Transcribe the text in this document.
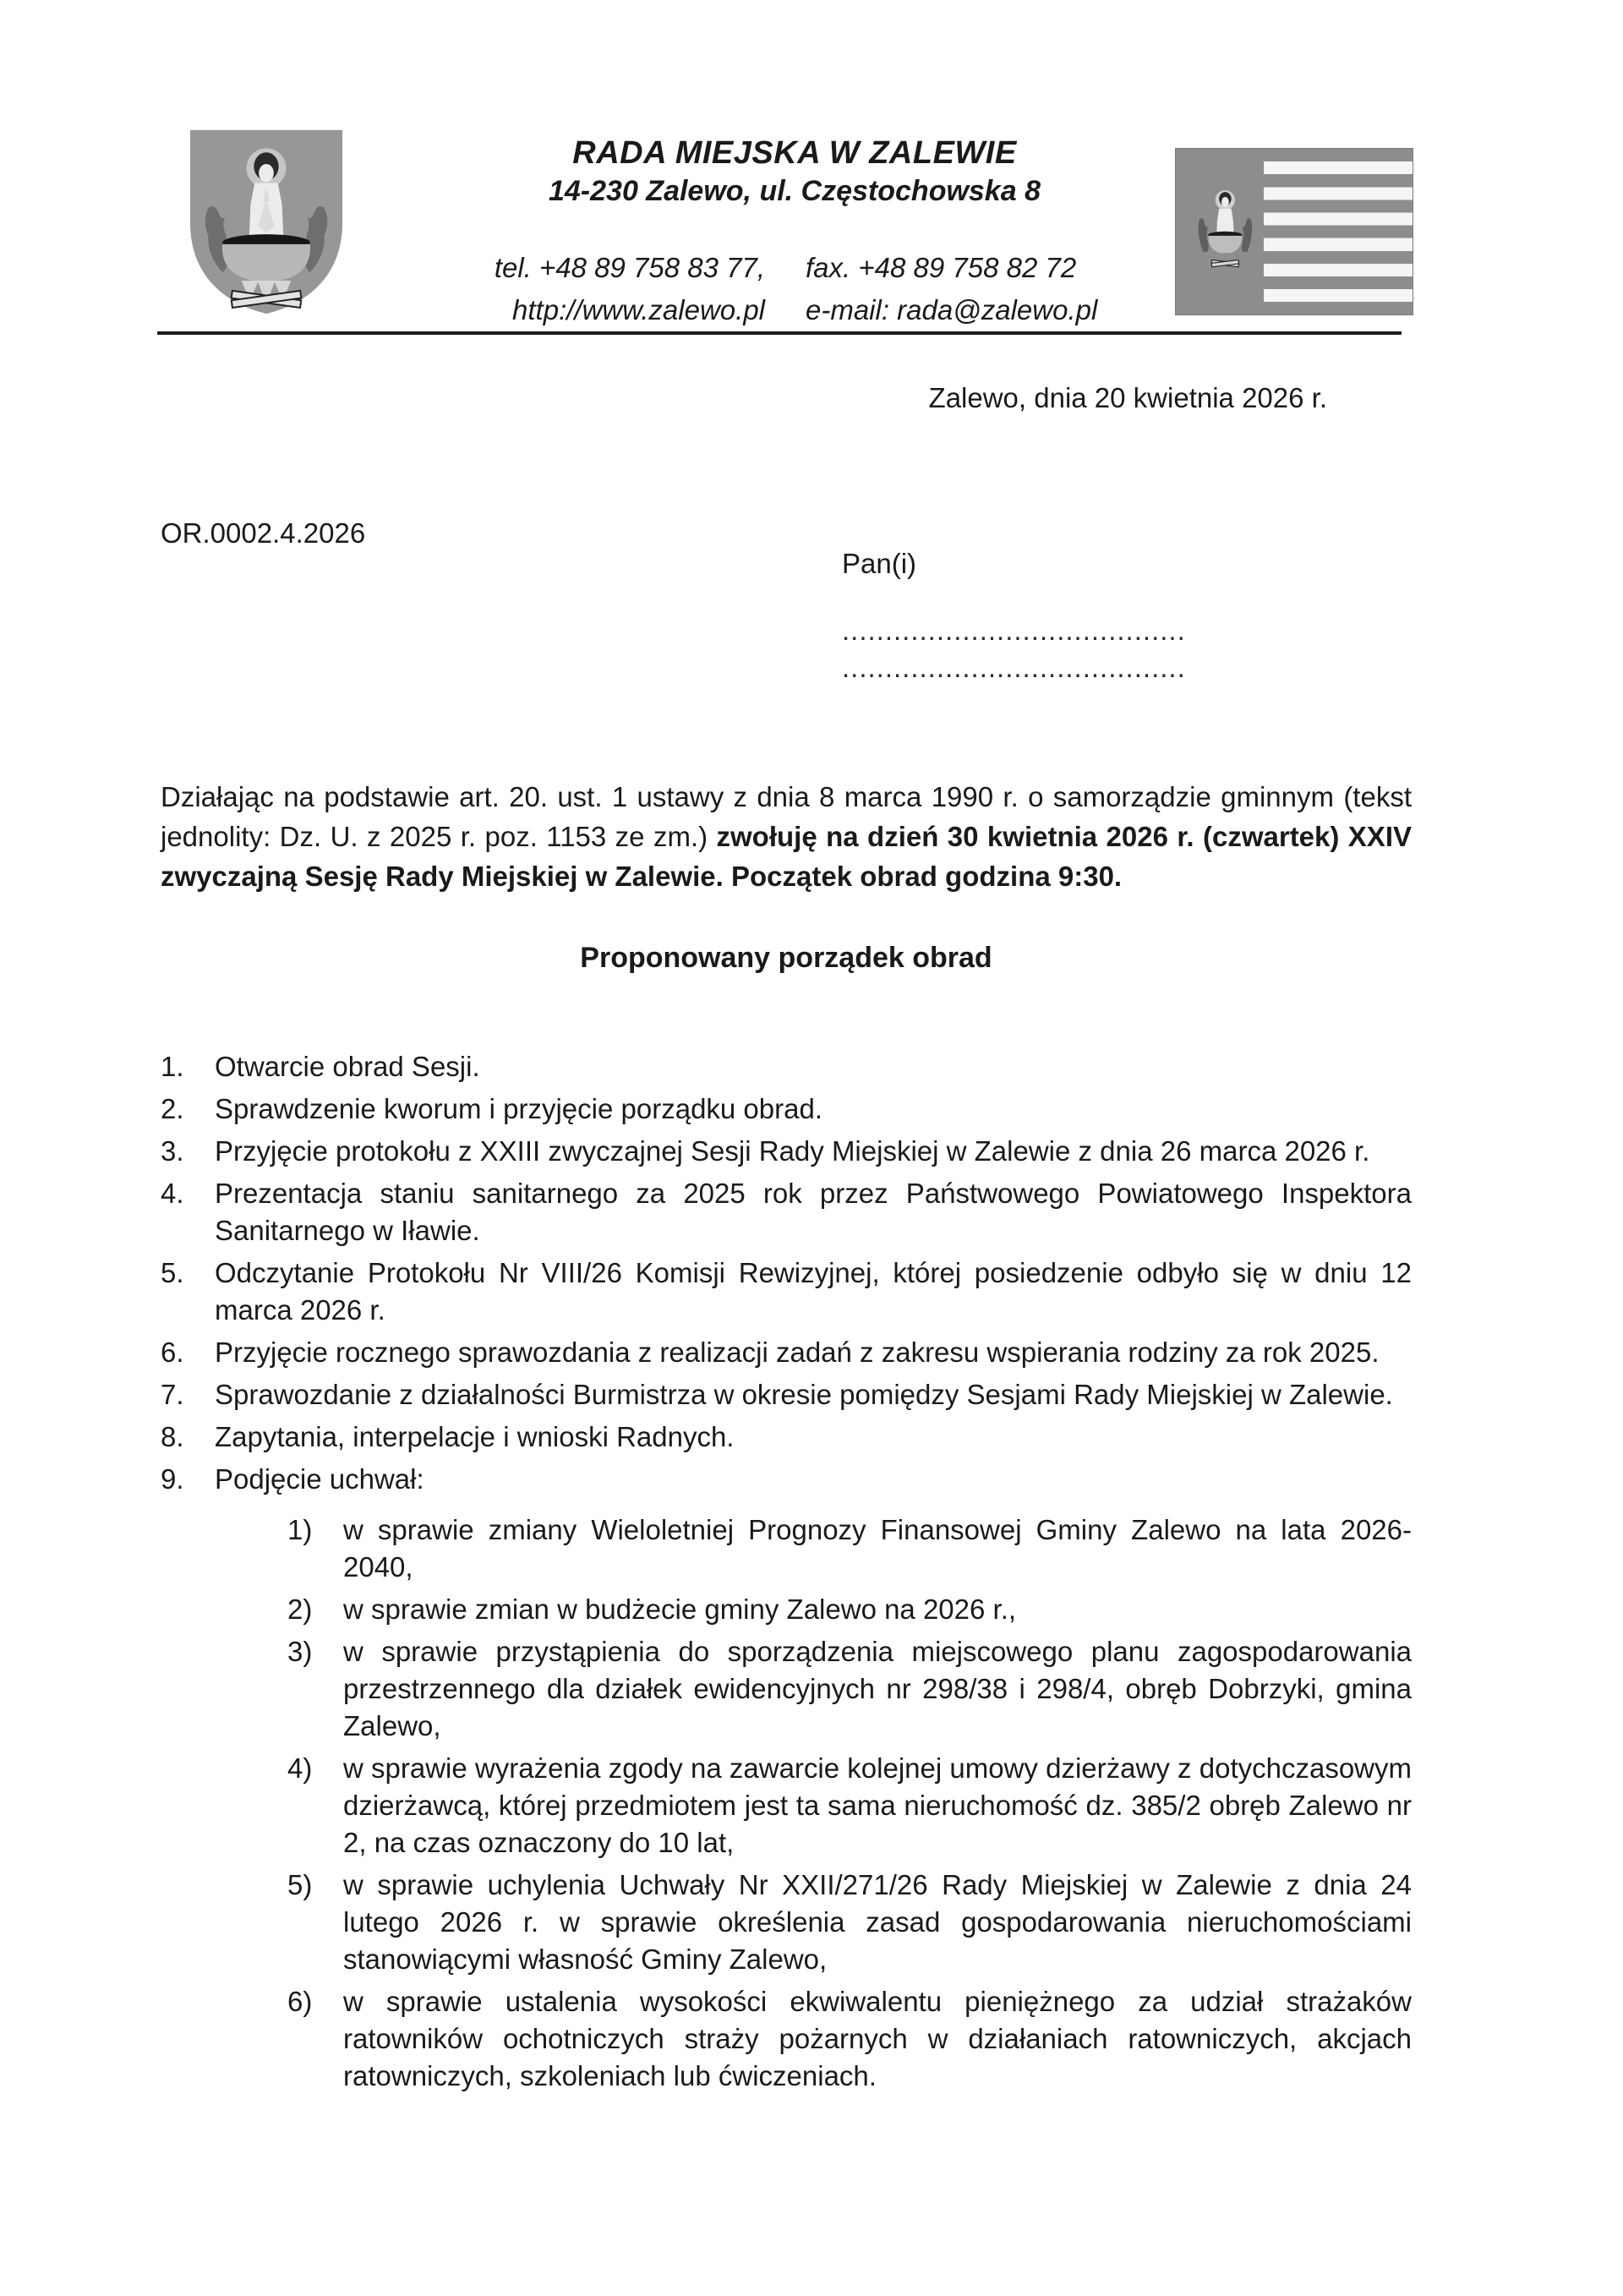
RADA MIEJSKA W ZALEWIE
14-230 Zalewo, ul. Częstochowska 8
tel. +48 89 758 83 77, fax. +48 89 758 82 72
http://www.zalewo.pl e-mail: rada@zalewo.pl
Zalewo, dnia 20 kwietnia 2026 r.
OR.0002.4.2026
Pan(i)
........................................
........................................

Działając na podstawie art. 20. ust. 1 ustawy z dnia 8 marca 1990 r. o samorządzie gminnym (tekst jednolity: Dz. U. z 2025 r. poz. 1153 ze zm.) zwołuję na dzień 30 kwietnia 2026 r. (czwartek) XXIV zwyczajną Sesję Rady Miejskiej w Zalewie. Początek obrad godzina 9:30.

Proponowany porządek obrad
1.	Otwarcie obrad Sesji.
2.	Sprawdzenie kworum i przyjęcie porządku obrad.
3.	Przyjęcie protokołu z XXIII zwyczajnej Sesji Rady Miejskiej w Zalewie z dnia 26 marca 2026 r.
4.	Prezentacja staniu sanitarnego za 2025 rok przez Państwowego Powiatowego Inspektora Sanitarnego w Iławie.
5.	Odczytanie Protokołu Nr VIII/26 Komisji Rewizyjnej, której posiedzenie odbyło się w dniu 12 marca 2026 r.
6.	Przyjęcie rocznego sprawozdania z realizacji zadań z zakresu wspierania rodziny za rok 2025.
7.	Sprawozdanie z działalności Burmistrza w okresie pomiędzy Sesjami Rady Miejskiej w Zalewie.
8.	Zapytania, interpelacje i wnioski Radnych.
9.	Podjęcie uchwał:
1)	w sprawie zmiany Wieloletniej Prognozy Finansowej Gminy Zalewo na lata 2026-2040,
2)	w sprawie zmian w budżecie gminy Zalewo na 2026 r.,
3)	w sprawie przystąpienia do sporządzenia miejscowego planu zagospodarowania przestrzennego dla działek ewidencyjnych nr 298/38 i 298/4, obręb Dobrzyki, gmina Zalewo,
4)	w sprawie wyrażenia zgody na zawarcie kolejnej umowy dzierżawy z dotychczasowym dzierżawcą, której przedmiotem jest ta sama nieruchomość dz. 385/2 obręb Zalewo nr 2, na czas oznaczony do 10 lat,
5)	w sprawie uchylenia Uchwały Nr XXII/271/26 Rady Miejskiej w Zalewie z dnia 24 lutego 2026 r. w sprawie określenia zasad gospodarowania nieruchomościami stanowiącymi własność Gminy Zalewo,
6)	w sprawie ustalenia wysokości ekwiwalentu pieniężnego za udział strażaków ratowników ochotniczych straży pożarnych w działaniach ratowniczych, akcjach ratowniczych, szkoleniach lub ćwiczeniach.
